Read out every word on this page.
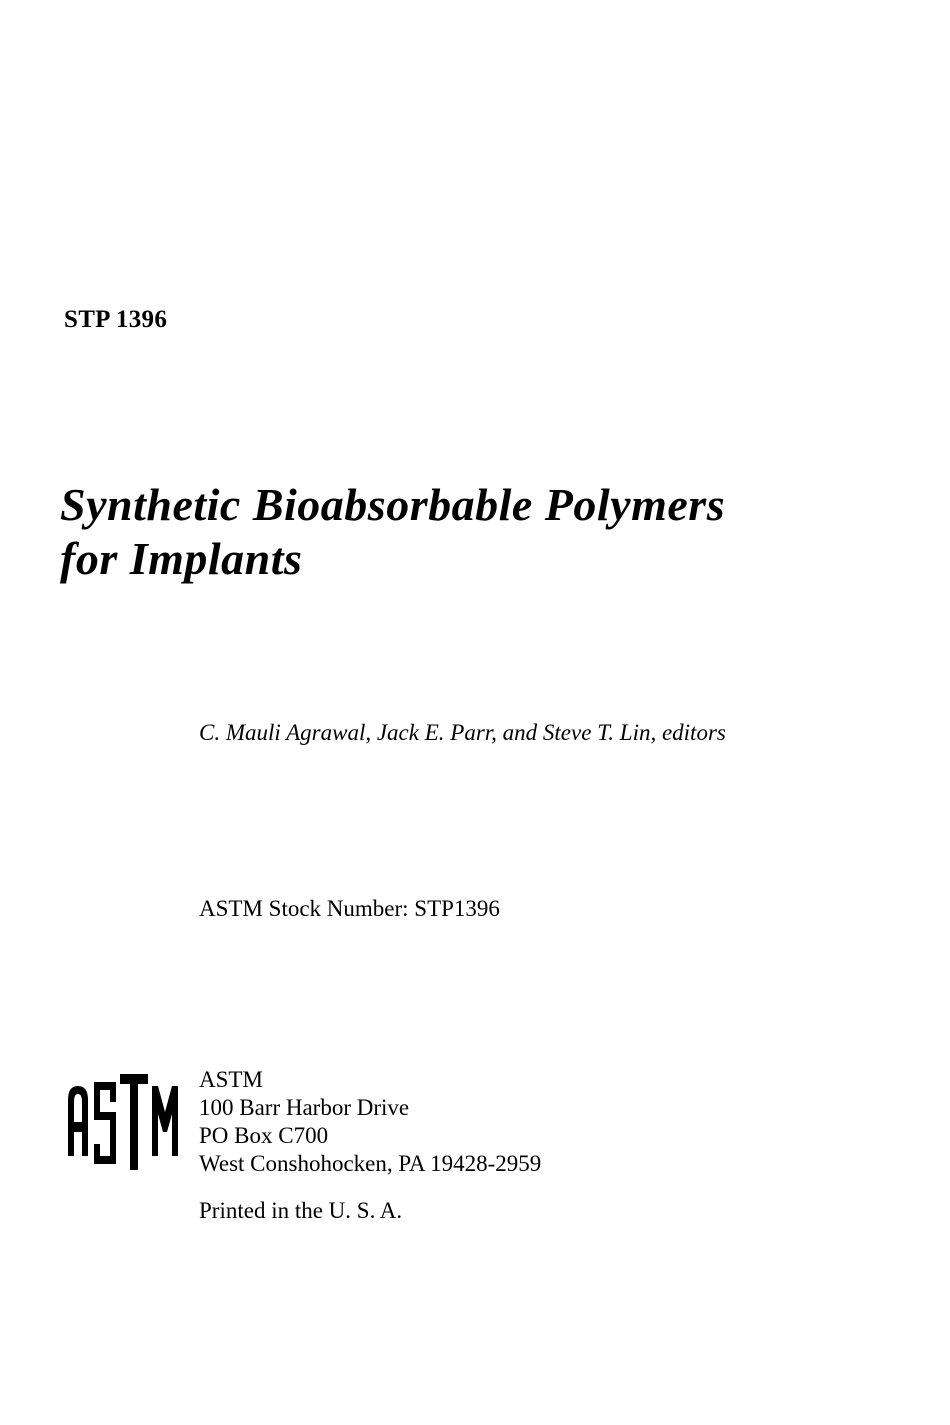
STP 1396
Synthetic Bioabsorbable Polymers
for Implants
C. Mauli Agrawal, Jack E. Parr, and Steve T. Lin, editors
ASTM Stock Number: STP1396
ASTM
100 Barr Harbor Drive
PO Box C700
West Conshohocken, PA 19428-2959
Printed in the U. S. A.
